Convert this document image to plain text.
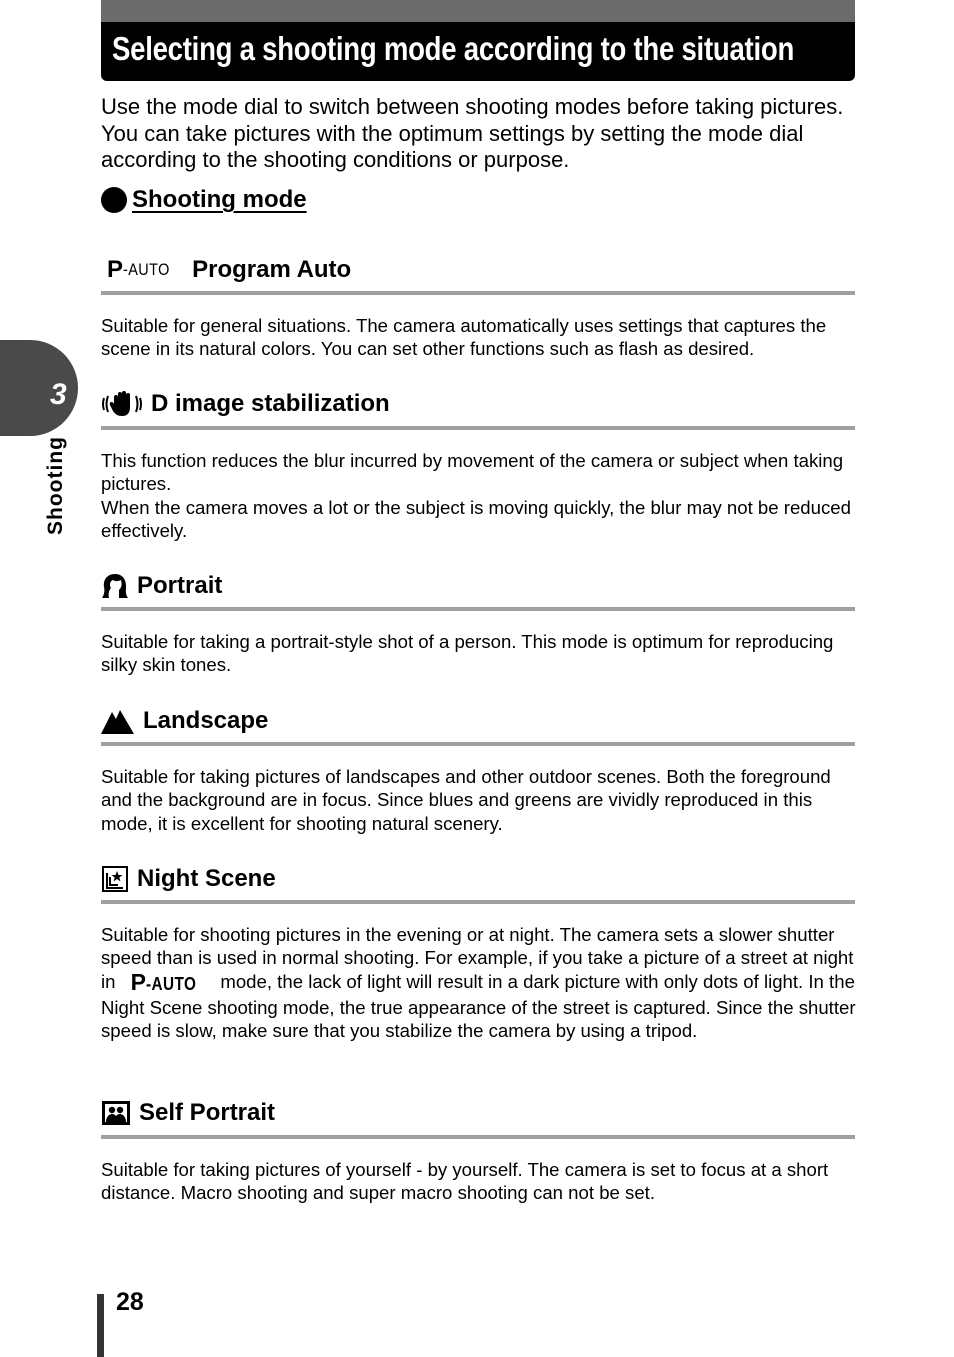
Selecting a shooting mode according to the situation
Use the mode dial to switch between shooting modes before taking pictures. You can take pictures with the optimum settings by setting the mode dial according to the shooting conditions or purpose.
Shooting mode
P -AUTO Program Auto
Suitable for general situations. The camera automatically uses settings that captures the scene in its natural colors. You can set other functions such as flash as desired.
D image stabilization
This function reduces the blur incurred by movement of the camera or subject when taking pictures.
When the camera moves a lot or the subject is moving quickly, the blur may not be reduced effectively.
Portrait
Suitable for taking a portrait-style shot of a person. This mode is optimum for reproducing silky skin tones.
Landscape
Suitable for taking pictures of landscapes and other outdoor scenes. Both the foreground and the background are in focus. Since blues and greens are vividly reproduced in this mode, it is excellent for shooting natural scenery.
Night Scene
Suitable for shooting pictures in the evening or at night. The camera sets a slower shutter speed than is used in normal shooting. For example, if you take a picture of a street at night in P-AUTO mode, the lack of light will result in a dark picture with only dots of light. In the Night Scene shooting mode, the true appearance of the street is captured. Since the shutter speed is slow, make sure that you stabilize the camera by using a tripod.
Self Portrait
Suitable for taking pictures of yourself - by yourself. The camera is set to focus at a short distance. Macro shooting and super macro shooting can not be set.
3
Shooting
28
